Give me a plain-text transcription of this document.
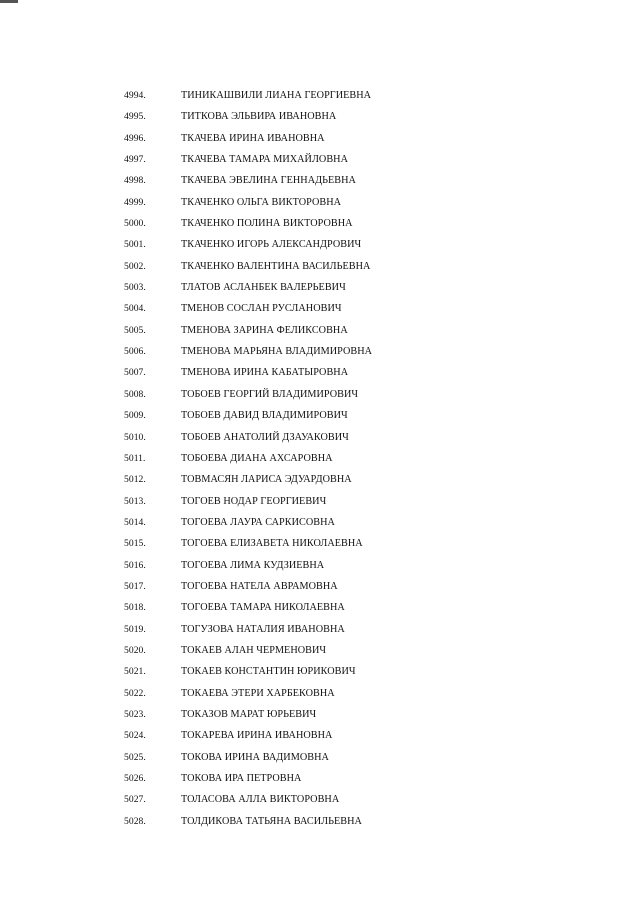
4994.	ТИНИКАШВИЛИ ЛИАНА ГЕОРГИЕВНА
4995.	ТИТКОВА ЭЛЬВИРА ИВАНОВНА
4996.	ТКАЧЕВА ИРИНА ИВАНОВНА
4997.	ТКАЧЕВА ТАМАРА МИХАЙЛОВНА
4998.	ТКАЧЕВА ЭВЕЛИНА ГЕННАДЬЕВНА
4999.	ТКАЧЕНКО ОЛЬГА ВИКТОРОВНА
5000.	ТКАЧЕНКО ПОЛИНА ВИКТОРОВНА
5001.	ТКАЧЕНКО ИГОРЬ АЛЕКСАНДРОВИЧ
5002.	ТКАЧЕНКО ВАЛЕНТИНА ВАСИЛЬЕВНА
5003.	ТЛАТОВ АСЛАНБЕК ВАЛЕРЬЕВИЧ
5004.	ТМЕНОВ СОСЛАН РУСЛАНОВИЧ
5005.	ТМЕНОВА ЗАРИНА ФЕЛИКСОВНА
5006.	ТМЕНОВА МАРЬЯНА ВЛАДИМИРОВНА
5007.	ТМЕНОВА ИРИНА КАБАТЫРОВНА
5008.	ТОБОЕВ ГЕОРГИЙ ВЛАДИМИРОВИЧ
5009.	ТОБОЕВ ДАВИД ВЛАДИМИРОВИЧ
5010.	ТОБОЕВ АНАТОЛИЙ ДЗАУАКОВИЧ
5011.	ТОБОЕВА ДИАНА АХСАРОВНА
5012.	ТОВМАСЯН ЛАРИСА ЭДУАРДОВНА
5013.	ТОГОЕВ НОДАР ГЕОРГИЕВИЧ
5014.	ТОГОЕВА ЛАУРА САРКИСОВНА
5015.	ТОГОЕВА ЕЛИЗАВЕТА НИКОЛАЕВНА
5016.	ТОГОЕВА ЛИМА КУДЗИЕВНА
5017.	ТОГОЕВА НАТЕЛА АВРАМОВНА
5018.	ТОГОЕВА ТАМАРА НИКОЛАЕВНА
5019.	ТОГУЗОВА НАТАЛИЯ ИВАНОВНА
5020.	ТОКАЕВ АЛАН ЧЕРМЕНОВИЧ
5021.	ТОКАЕВ КОНСТАНТИН ЮРИКОВИЧ
5022.	ТОКАЕВА ЭТЕРИ ХАРБЕКОВНА
5023.	ТОКАЗОВ МАРАТ ЮРЬЕВИЧ
5024.	ТОКАРЕВА ИРИНА ИВАНОВНА
5025.	ТОКОВА ИРИНА ВАДИМОВНА
5026.	ТОКОВА ИРА ПЕТРОВНА
5027.	ТОЛАСОВА АЛЛА ВИКТОРОВНА
5028.	ТОЛДИКОВА ТАТЬЯНА ВАСИЛЬЕВНА
